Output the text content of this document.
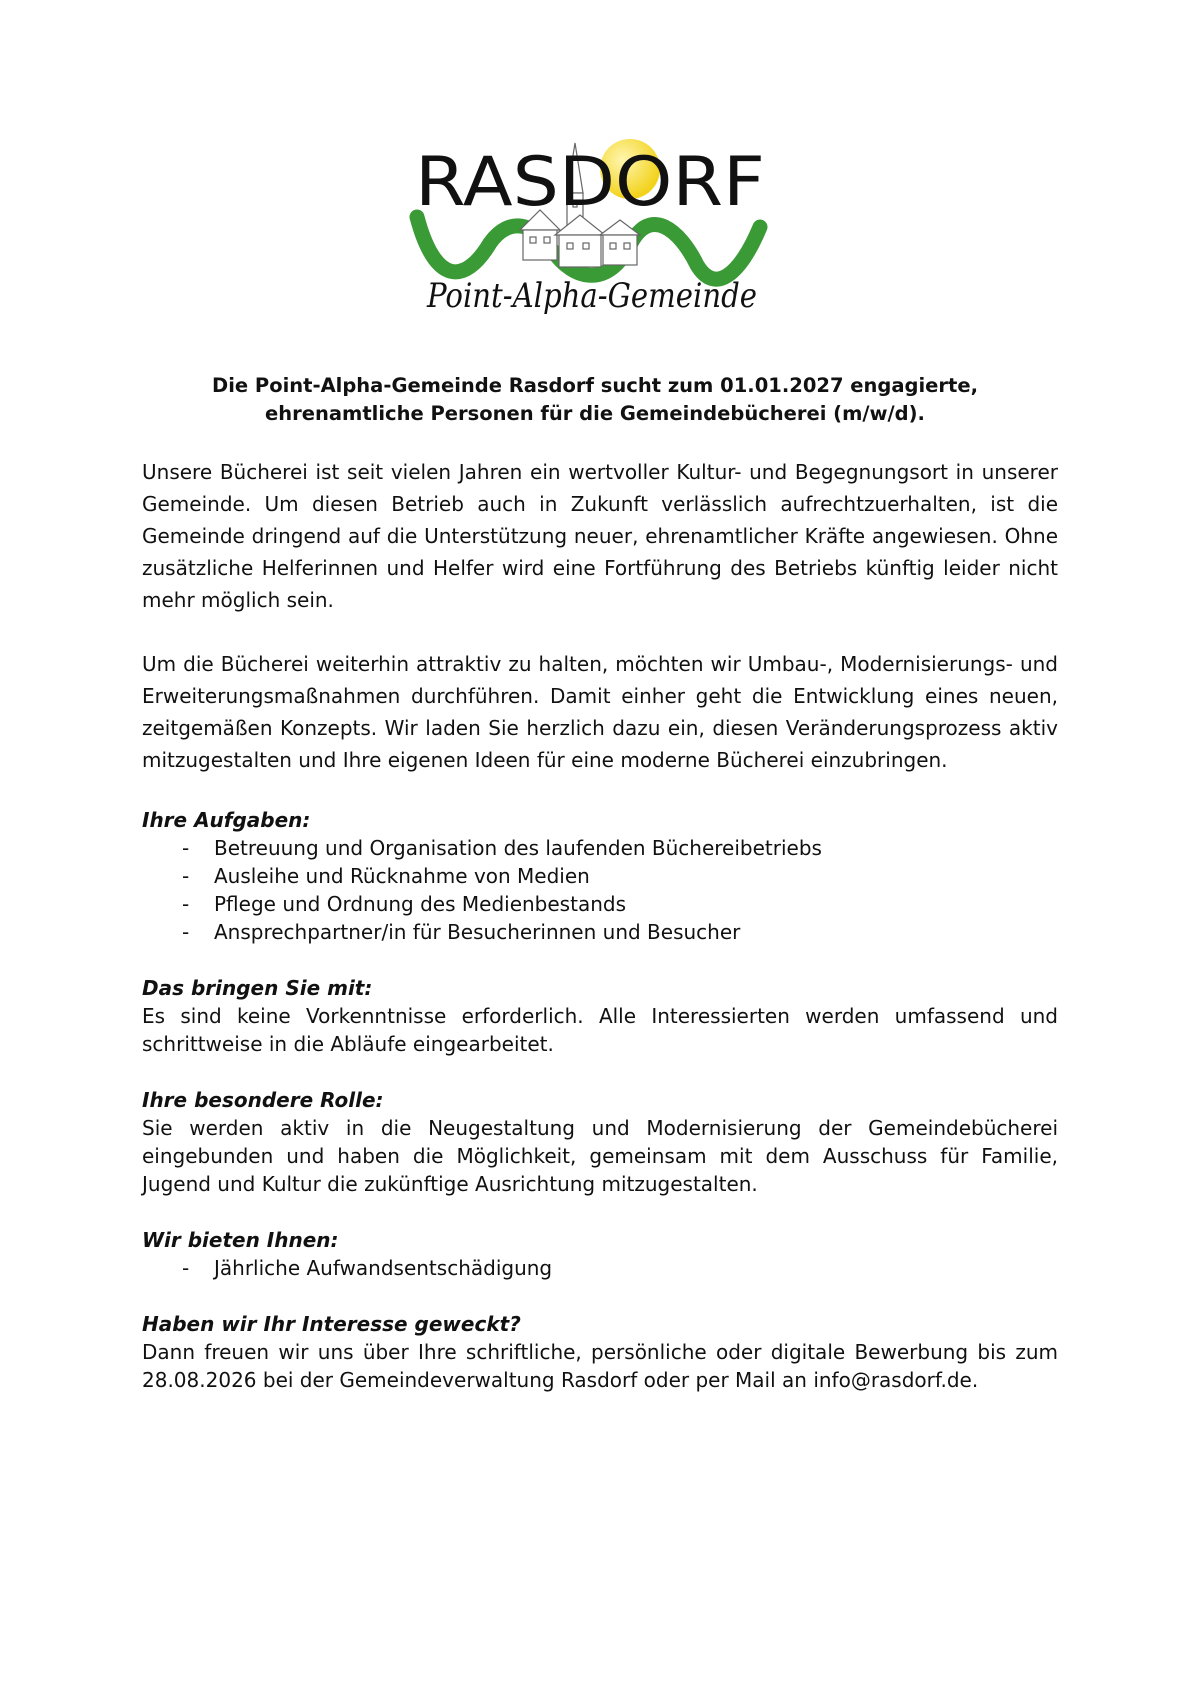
RASDORF
Point-Alpha-Gemeinde
Die Point-Alpha-Gemeinde Rasdorf sucht zum 01.01.2027 engagierte,
ehrenamtliche Personen für die Gemeindebücherei (m/w/d).

Unsere Bücherei ist seit vielen Jahren ein wertvoller Kultur- und Begegnungsort in unserer Gemeinde. Um diesen Betrieb auch in Zukunft verlässlich aufrechtzuerhalten, ist die Gemeinde dringend auf die Unterstützung neuer, ehrenamtlicher Kräfte angewiesen. Ohne zusätzliche Helferinnen und Helfer wird eine Fortführung des Betriebs künftig leider nicht mehr möglich sein.

Um die Bücherei weiterhin attraktiv zu halten, möchten wir Umbau-, Modernisierungs- und Erweiterungsmaßnahmen durchführen. Damit einher geht die Entwicklung eines neuen, zeitgemäßen Konzepts. Wir laden Sie herzlich dazu ein, diesen Veränderungsprozess aktiv mitzugestalten und Ihre eigenen Ideen für eine moderne Bücherei einzubringen.

Ihre Aufgaben:
- Betreuung und Organisation des laufenden Büchereibetriebs
- Ausleihe und Rücknahme von Medien
- Pflege und Ordnung des Medienbestands
- Ansprechpartner/in für Besucherinnen und Besucher
Das bringen Sie mit:

Es sind keine Vorkenntnisse erforderlich. Alle Interessierten werden umfassend und schrittweise in die Abläufe eingearbeitet.

Ihre besondere Rolle:

Sie werden aktiv in die Neugestaltung und Modernisierung der Gemeindebücherei eingebunden und haben die Möglichkeit, gemeinsam mit dem Ausschuss für Familie, Jugend und Kultur die zukünftige Ausrichtung mitzugestalten.

Wir bieten Ihnen:
- Jährliche Aufwandsentschädigung
Haben wir Ihr Interesse geweckt?

Dann freuen wir uns über Ihre schriftliche, persönliche oder digitale Bewerbung bis zum 28.08.2026 bei der Gemeindeverwaltung Rasdorf oder per Mail an info@rasdorf.de.
